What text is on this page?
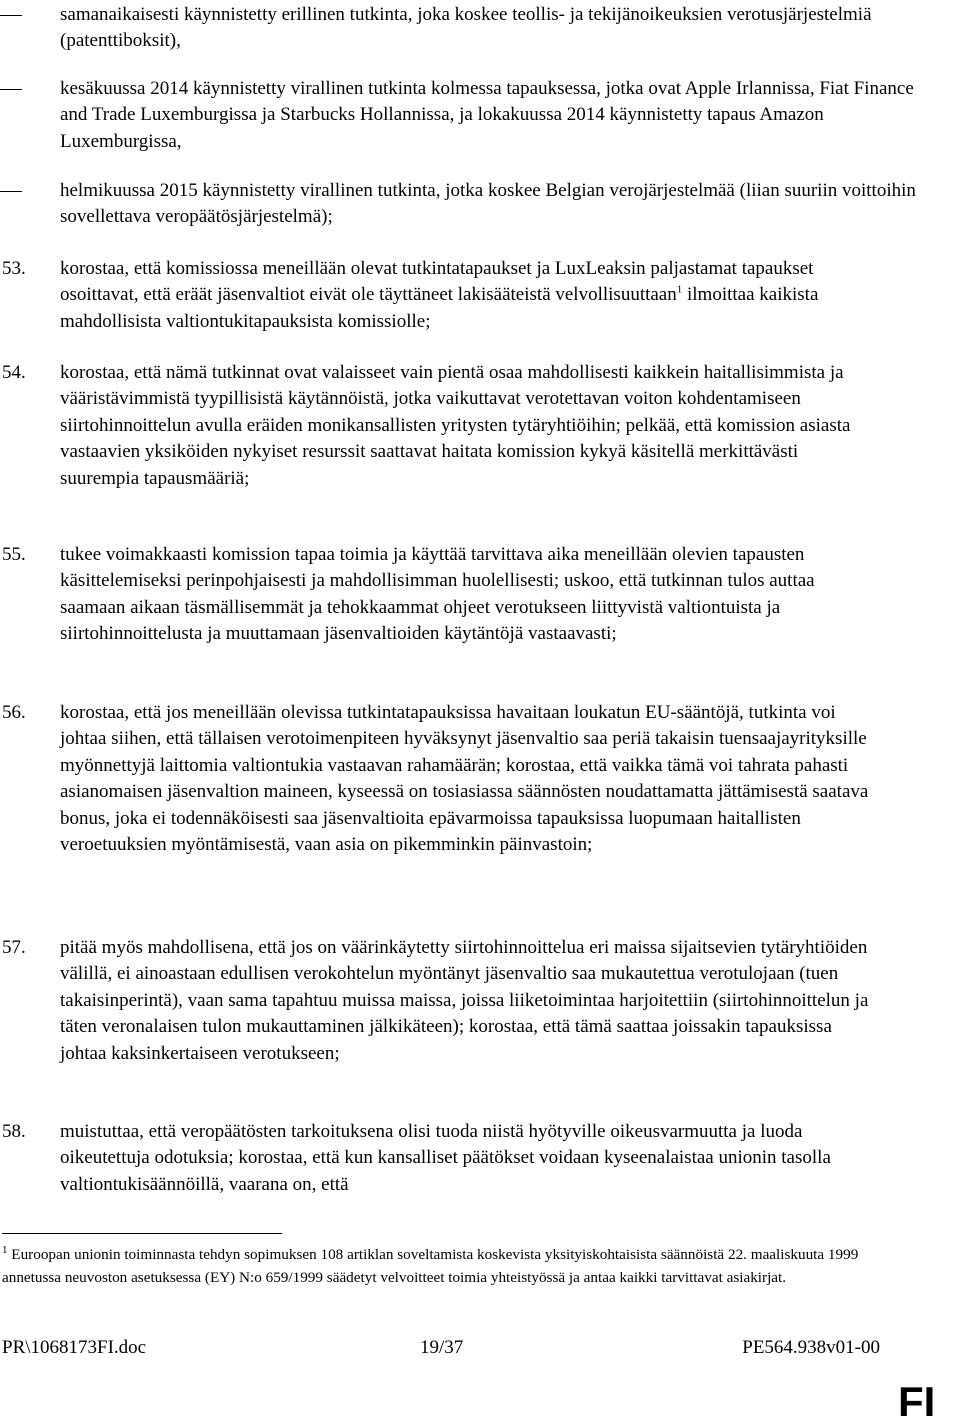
samanaikaisesti käynnistetty erillinen tutkinta, joka koskee teollis- ja tekijänoikeuksien verotusjärjestelmiä (patenttiboksit),
kesäkuussa 2014 käynnistetty virallinen tutkinta kolmessa tapauksessa, jotka ovat Apple Irlannissa, Fiat Finance and Trade Luxemburgissa ja Starbucks Hollannissa, ja lokakuussa 2014 käynnistetty tapaus Amazon Luxemburgissa,
helmikuussa 2015 käynnistetty virallinen tutkinta, jotka koskee Belgian verojärjestelmää (liian suuriin voittoihin sovellettava veropäätösjärjestelmä);
53. korostaa, että komissiossa meneillään olevat tutkintatapaukset ja LuxLeaksin paljastamat tapaukset osoittavat, että eräät jäsenvaltiot eivät ole täyttäneet lakisääteistä velvollisuuttaan$^1$ ilmoittaa kaikista mahdollisista valtiontukitapauksista komissiolle;
54. korostaa, että nämä tutkinnat ovat valaisseet vain pientä osaa mahdollisesti kaikkein haitallisimmista ja vääristävimmistä tyypillisistä käytännöistä, jotka vaikuttavat verotettavan voiton kohdentamiseen siirtohinnoittelun avulla eräiden monikansallisten yritysten tytäryhtiöihin; pelkää, että komission asiasta vastaavien yksiköiden nykyiset resurssit saattavat haitata komission kykyä käsitellä merkittävästi suurempia tapausmääriä;
55. tukee voimakkaasti komission tapaa toimia ja käyttää tarvittava aika meneillään olevien tapausten käsittelemiseksi perinpohjaisesti ja mahdollisimman huolellisesti; uskoo, että tutkinnan tulos auttaa saamaan aikaan täsmällisemmät ja tehokkaammat ohjeet verotukseen liittyvistä valtiontuista ja siirtohinnoittelusta ja muuttamaan jäsenvaltioiden käytäntöjä vastaavasti;
56. korostaa, että jos meneillään olevissa tutkintatapauksissa havaitaan loukatun EU-sääntöjä, tutkinta voi johtaa siihen, että tällaisen verotoimenpiteen hyväksynyt jäsenvaltio saa periä takaisin tuensaajayrityksille myönnettyjä laittomia valtiontukia vastaavan rahamäärän; korostaa, että vaikka tämä voi tahrata pahasti asianomaisen jäsenvaltion maineen, kyseessä on tosiasiassa säännösten noudattamatta jättämisestä saatava bonus, joka ei todennäköisesti saa jäsenvaltioita epävarmoissa tapauksissa luopumaan haitallisten veroetuuksien myöntämisestä, vaan asia on pikemminkin päinvastoin;
57. pitää myös mahdollisena, että jos on väärinkäytetty siirtohinnoittelua eri maissa sijaitsevien tytäryhtiöiden välillä, ei ainoastaan edullisen verokohtelun myöntänyt jäsenvaltio saa mukautettua verotulojaan (tuen takaisinperintä), vaan sama tapahtuu muissa maissa, joissa liiketoimintaa harjoitettiin (siirtohinnoittelun ja täten veronalaisen tulon mukauttaminen jälkikäteen); korostaa, että tämä saattaa joissakin tapauksissa johtaa kaksinkertaiseen verotukseen;
58. muistuttaa, että veropäätösten tarkoituksena olisi tuoda niistä hyötyville oikeusvarmuutta ja luoda oikeutettuja odotuksia; korostaa, että kun kansalliset päätökset voidaan kyseenalaistaa unionin tasolla valtiontukisäännöillä, vaarana on, että
$^1$ Euroopan unionin toiminnasta tehdyn sopimuksen 108 artiklan soveltamista koskevista yksityiskohtaisista säännöistä 22. maaliskuuta 1999 annetussa neuvoston asetuksessa (EY) N:o 659/1999 säädetyt velvoitteet toimia yhteistyössä ja antaa kaikki tarvittavat asiakirjat.
PR\1068173FI.doc	19/37	PE564.938v01-00
FI
